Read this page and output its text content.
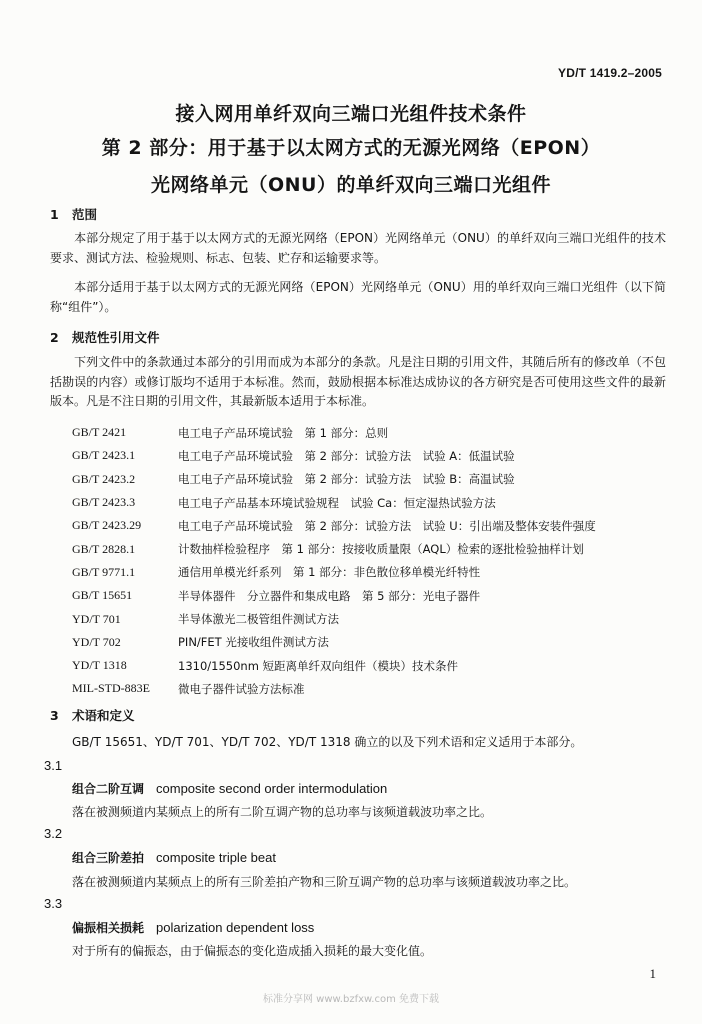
YD/T 1419.2–2005
接入网用单纤双向三端口光组件技术条件
第 2 部分：用于基于以太网方式的无源光网络（EPON）
光网络单元（ONU）的单纤双向三端口光组件
1 范围
本部分规定了用于基于以太网方式的无源光网络（EPON）光网络单元（ONU）的单纤双向三端口光组件的技术要求、测试方法、检验规则、标志、包装、贮存和运输要求等。
本部分适用于基于以太网方式的无源光网络（EPON）光网络单元（ONU）用的单纤双向三端口光组件（以下简称“组件”）。
2 规范性引用文件
下列文件中的条款通过本部分的引用而成为本部分的条款。凡是注日期的引用文件，其随后所有的修改单（不包括勘误的内容）或修订版均不适用于本标准。然而，鼓励根据本标准达成协议的各方研究是否可使用这些文件的最新版本。凡是不注日期的引用文件，其最新版本适用于本标准。
GB/T 2421	电工电子产品环境试验　第 1 部分：总则
GB/T 2423.1	电工电子产品环境试验　第 2 部分：试验方法　试验 A：低温试验
GB/T 2423.2	电工电子产品环境试验　第 2 部分：试验方法　试验 B：高温试验
GB/T 2423.3	电工电子产品基本环境试验规程　试验 Ca：恒定湿热试验方法
GB/T 2423.29	电工电子产品环境试验　第 2 部分：试验方法　试验 U：引出端及整体安装件强度
GB/T 2828.1	计数抽样检验程序　第 1 部分：按接收质量限（AQL）检索的逐批检验抽样计划
GB/T 9771.1	通信用单模光纤系列　第 1 部分：非色散位移单模光纤特性
GB/T 15651	半导体器件　分立器件和集成电路　第 5 部分：光电子器件
YD/T 701	半导体激光二极管组件测试方法
YD/T 702	PIN/FET 光接收组件测试方法
YD/T 1318	1310/1550nm 短距离单纤双向组件（模块）技术条件
MIL-STD-883E	微电子器件试验方法标准
3 术语和定义
GB/T 15651、YD/T 701、YD/T 702、YD/T 1318 确立的以及下列术语和定义适用于本部分。
3.1
组合二阶互调 composite second order intermodulation
落在被测频道内某频点上的所有二阶互调产物的总功率与该频道载波功率之比。
3.2
组合三阶差拍 composite triple beat
落在被测频道内某频点上的所有三阶差拍产物和三阶互调产物的总功率与该频道载波功率之比。
3.3
偏振相关损耗 polarization dependent loss
对于所有的偏振态，由于偏振态的变化造成插入损耗的最大变化值。
1
标准分享网 www.bzfxw.com 免费下载
